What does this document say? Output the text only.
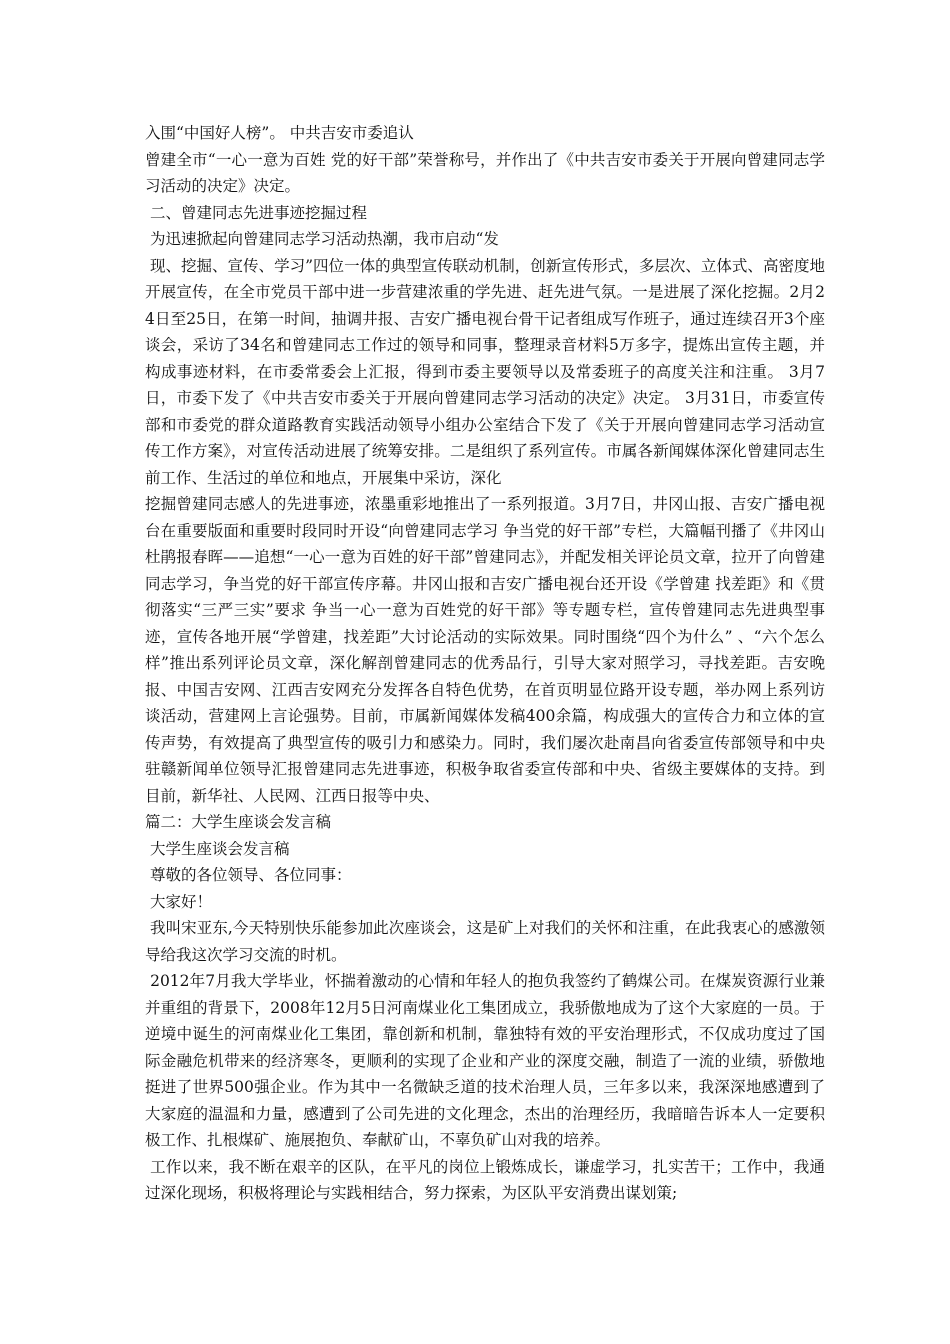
入围“中国好人榜”。 中共吉安市委追认

曾建全市“一心一意为百姓 党的好干部”荣誉称号，并作出了《中共吉安市委关于开展向曾建同志学习活动的决定》决定。

二、曾建同志先进事迹挖掘过程

为迅速掀起向曾建同志学习活动热潮，我市启动“发

现、挖掘、宣传、学习”四位一体的典型宣传联动机制，创新宣传形式，多层次、立体式、高密度地开展宣传，在全市党员干部中进一步营建浓重的学先进、赶先进气氛。一是进展了深化挖掘。2月24日至25日，在第一时间，抽调井报、吉安广播电视台骨干记者组成写作班子，通过连续召开3个座谈会，采访了34名和曾建同志工作过的领导和同事，整理录音材料5万多字，提炼出宣传主题，并构成事迹材料，在市委常委会上汇报，得到市委主要领导以及常委班子的高度关注和注重。 3月7日，市委下发了《中共吉安市委关于开展向曾建同志学习活动的决定》决定。 3月31日，市委宣传部和市委党的群众道路教育实践活动领导小组办公室结合下发了《关于开展向曾建同志学习活动宣传工作方案》，对宣传活动进展了统筹安排。二是组织了系列宣传。市属各新闻媒体深化曾建同志生前工作、生活过的单位和地点，开展集中采访，深化

挖掘曾建同志感人的先进事迹，浓墨重彩地推出了一系列报道。3月7日，井冈山报、吉安广播电视台在重要版面和重要时段同时开设“向曾建同志学习 争当党的好干部”专栏，大篇幅刊播了《井冈山杜鹃报春晖——追想“一心一意为百姓的好干部”曾建同志》，并配发相关评论员文章，拉开了向曾建同志学习，争当党的好干部宣传序幕。井冈山报和吉安广播电视台还开设《学曾建 找差距》和《贯彻落实“三严三实”要求 争当一心一意为百姓党的好干部》等专题专栏，宣传曾建同志先进典型事迹，宣传各地开展“学曾建，找差距”大讨论活动的实际效果。同时围绕“四个为什么” 、“六个怎么样”推出系列评论员文章，深化解剖曾建同志的优秀品行，引导大家对照学习，寻找差距。吉安晚报、中国吉安网、江西吉安网充分发挥各自特色优势，在首页明显位路开设专题，举办网上系列访谈活动，营建网上言论强势。目前，市属新闻媒体发稿400余篇，构成强大的宣传合力和立体的宣传声势，有效提高了典型宣传的吸引力和感染力。同时，我们屡次赴南昌向省委宣传部领导和中央驻赣新闻单位领导汇报曾建同志先进事迹，积极争取省委宣传部和中央、省级主要媒体的支持。到目前，新华社、人民网、江西日报等中央、

篇二：大学生座谈会发言稿

大学生座谈会发言稿

尊敬的各位领导、各位同事：

大家好！

我叫宋亚东,今天特别快乐能参加此次座谈会，这是矿上对我们的关怀和注重，在此我衷心的感激领导给我这次学习交流的时机。

2012年7月我大学毕业，怀揣着激动的心情和年轻人的抱负我签约了鹤煤公司。在煤炭资源行业兼并重组的背景下，2008年12月5日河南煤业化工集团成立，我骄傲地成为了这个大家庭的一员。于逆境中诞生的河南煤业化工集团，靠创新和机制，靠独特有效的平安治理形式，不仅成功度过了国际金融危机带来的经济寒冬，更顺利的实现了企业和产业的深度交融，制造了一流的业绩，骄傲地挺进了世界500强企业。作为其中一名微缺乏道的技术治理人员，三年多以来，我深深地感遭到了大家庭的温温和力量，感遭到了公司先进的文化理念，杰出的治理经历，我暗暗告诉本人一定要积极工作、扎根煤矿、施展抱负、奉献矿山，不辜负矿山对我的培养。

工作以来，我不断在艰辛的区队，在平凡的岗位上锻炼成长，谦虚学习，扎实苦干；工作中，我通过深化现场，积极将理论与实践相结合，努力探索，为区队平安消费出谋划策;
